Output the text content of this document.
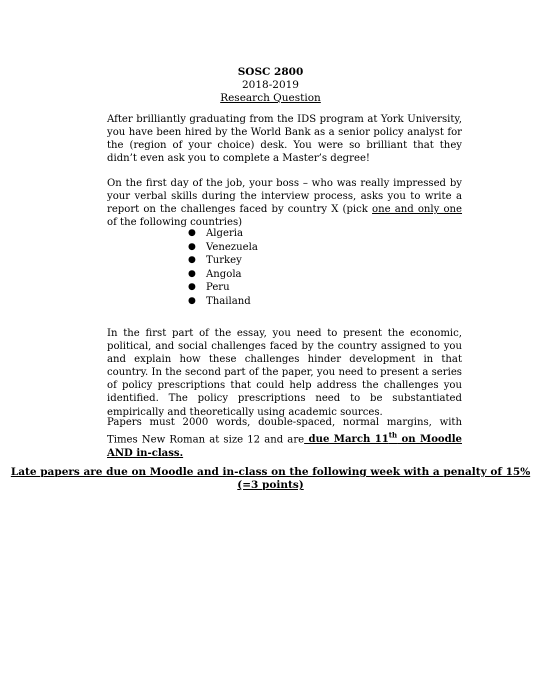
SOSC 2800
2018-2019
Research Question

After brilliantly graduating from the IDS program at York University, you have been hired by the World Bank as a senior policy analyst for the (region of your choice) desk. You were so brilliant that they didn’t even ask you to complete a Master’s degree!

On the first day of the job, your boss – who was really impressed by your verbal skills during the interview process, asks you to write a report on the challenges faced by country X (pick one and only one of the following countries)

● Algeria
● Venezuela
● Turkey
● Angola
● Peru
● Thailand

In the first part of the essay, you need to present the economic, political, and social challenges faced by the country assigned to you and explain how these challenges hinder development in that country. In the second part of the paper, you need to present a series of policy prescriptions that could help address the challenges you identified. The policy prescriptions need to be substantiated empirically and theoretically using academic sources.

Papers must 2000 words, double-spaced, normal margins, with Times New Roman at size 12 and are due March 11th on Moodle AND in-class.

Late papers are due on Moodle and in-class on the following week with a penalty of 15% (=3 points)
